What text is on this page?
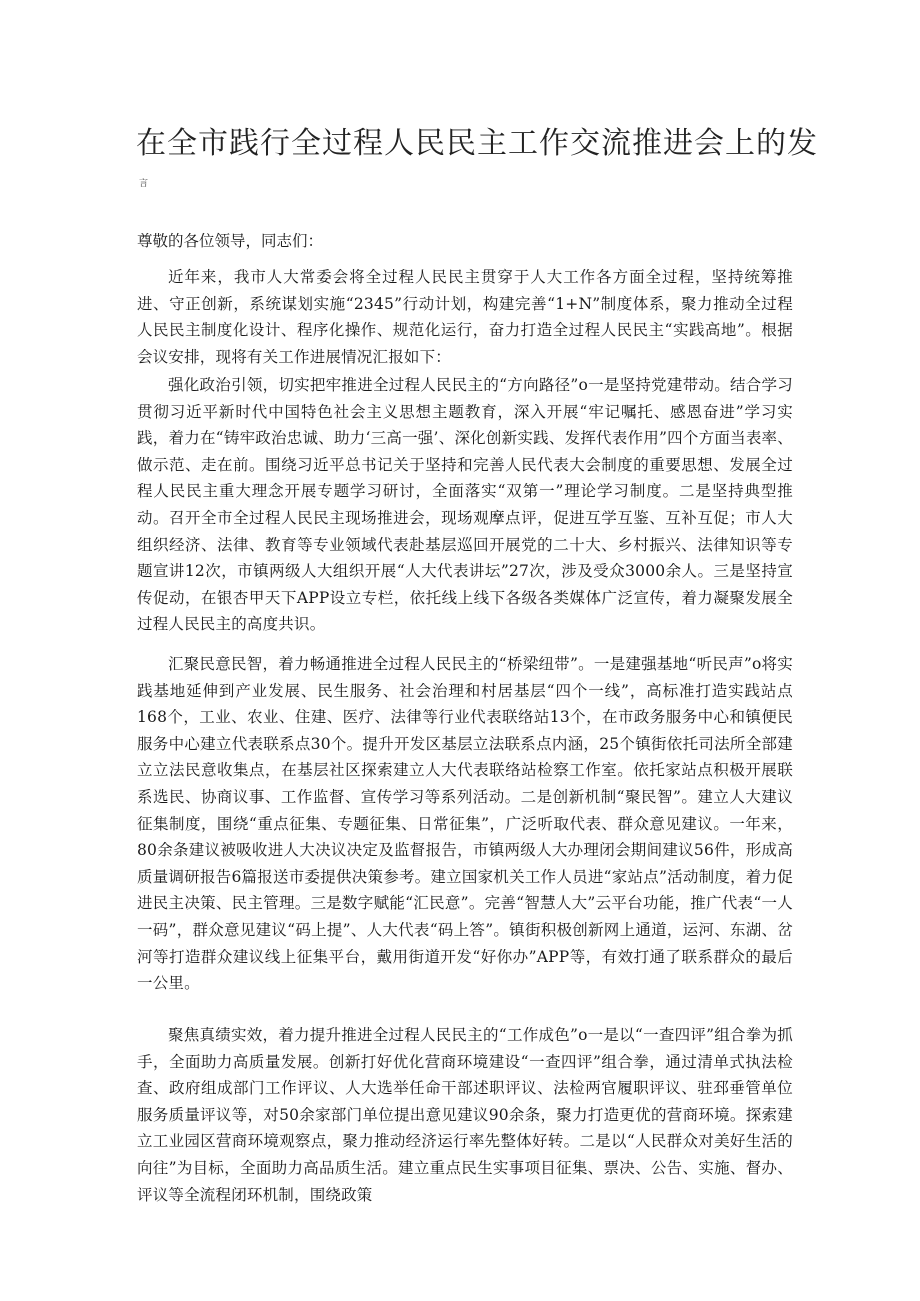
在全市践行全过程人民民主工作交流推进会上的发
言

尊敬的各位领导，同志们：

近年来，我市人大常委会将全过程人民民主贯穿于人大工作各方面全过程，坚持统筹推进、守正创新，系统谋划实施“2345”行动计划，构建完善“1+N”制度体系，聚力推动全过程人民民主制度化设计、程序化操作、规范化运行，奋力打造全过程人民民主“实践高地”。根据会议安排，现将有关工作进展情况汇报如下：

强化政治引领，切实把牢推进全过程人民民主的“方向路径”o一是坚持党建带动。结合学习贯彻习近平新时代中国特色社会主义思想主题教育，深入开展“牢记嘱托、感恩奋进”学习实践，着力在“铸牢政治忠诚、助力‘三高一强’、深化创新实践、发挥代表作用”四个方面当表率、做示范、走在前。围绕习近平总书记关于坚持和完善人民代表大会制度的重要思想、发展全过程人民民主重大理念开展专题学习研讨，全面落实“双第一”理论学习制度。二是坚持典型推动。召开全市全过程人民民主现场推进会，现场观摩点评，促进互学互鉴、互补互促；市人大组织经济、法律、教育等专业领域代表赴基层巡回开展党的二十大、乡村振兴、法律知识等专题宣讲12次，市镇两级人大组织开展“人大代表讲坛”27次，涉及受众3000余人。三是坚持宣传促动，在银杏甲天下APP设立专栏，依托线上线下各级各类媒体广泛宣传，着力凝聚发展全过程人民民主的高度共识。

汇聚民意民智，着力畅通推进全过程人民民主的“桥梁纽带”。一是建强基地“听民声”o将实践基地延伸到产业发展、民生服务、社会治理和村居基层“四个一线”，高标准打造实践站点168个，工业、农业、住建、医疗、法律等行业代表联络站13个，在市政务服务中心和镇便民服务中心建立代表联系点30个。提升开发区基层立法联系点内涵，25个镇街依托司法所全部建立立法民意收集点，在基层社区探索建立人大代表联络站检察工作室。依托家站点积极开展联系选民、协商议事、工作监督、宣传学习等系列活动。二是创新机制“聚民智”。建立人大建议征集制度，围绕“重点征集、专题征集、日常征集”，广泛听取代表、群众意见建议。一年来，80余条建议被吸收进人大决议决定及监督报告，市镇两级人大办理闭会期间建议56件，形成高质量调研报告6篇报送市委提供决策参考。建立国家机关工作人员进“家站点”活动制度，着力促进民主决策、民主管理。三是数字赋能“汇民意”。完善“智慧人大”云平台功能，推广代表“一人一码”，群众意见建议“码上提”、人大代表“码上答”。镇街积极创新网上通道，运河、东湖、岔河等打造群众建议线上征集平台，戴用街道开发“好你办”APP等，有效打通了联系群众的最后一公里。

聚焦真绩实效，着力提升推进全过程人民民主的“工作成色”o一是以“一查四评”组合拳为抓手，全面助力高质量发展。创新打好优化营商环境建设“一查四评”组合拳，通过清单式执法检查、政府组成部门工作评议、人大选举任命干部述职评议、法检两官履职评议、驻邳垂管单位服务质量评议等，对50余家部门单位提出意见建议90余条，聚力打造更优的营商环境。探索建立工业园区营商环境观察点，聚力推动经济运行率先整体好转。二是以“人民群众对美好生活的向往”为目标，全面助力高品质生活。建立重点民生实事项目征集、票决、公告、实施、督办、评议等全流程闭环机制，围绕政策
